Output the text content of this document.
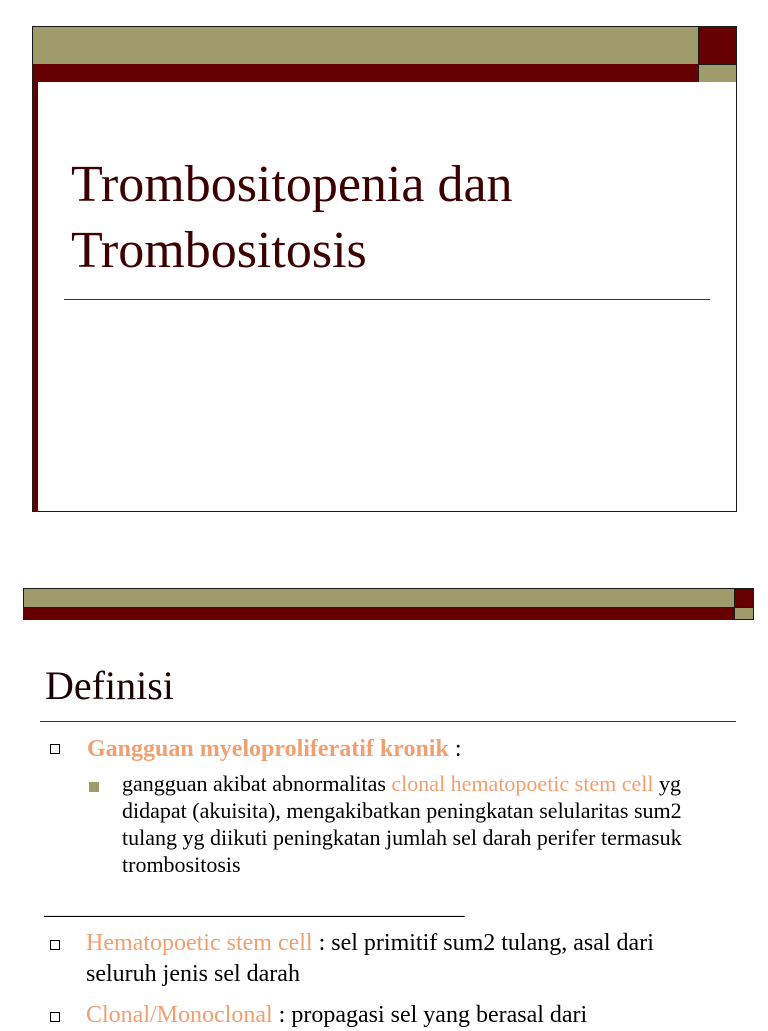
Trombositopenia dan
Trombositosis
Definisi
Gangguan myeloproliferatif kronik :
gangguan akibat abnormalitas clonal hematopoetic stem cell yg didapat (akuisita), mengakibatkan peningkatan selularitas sum2 tulang yg diikuti peningkatan jumlah sel darah perifer termasuk trombositosis
________________________________________
Hematopoetic stem cell : sel primitif sum2 tulang, asal dari seluruh jenis sel darah
Clonal/Monoclonal : propagasi sel yang berasal dari
